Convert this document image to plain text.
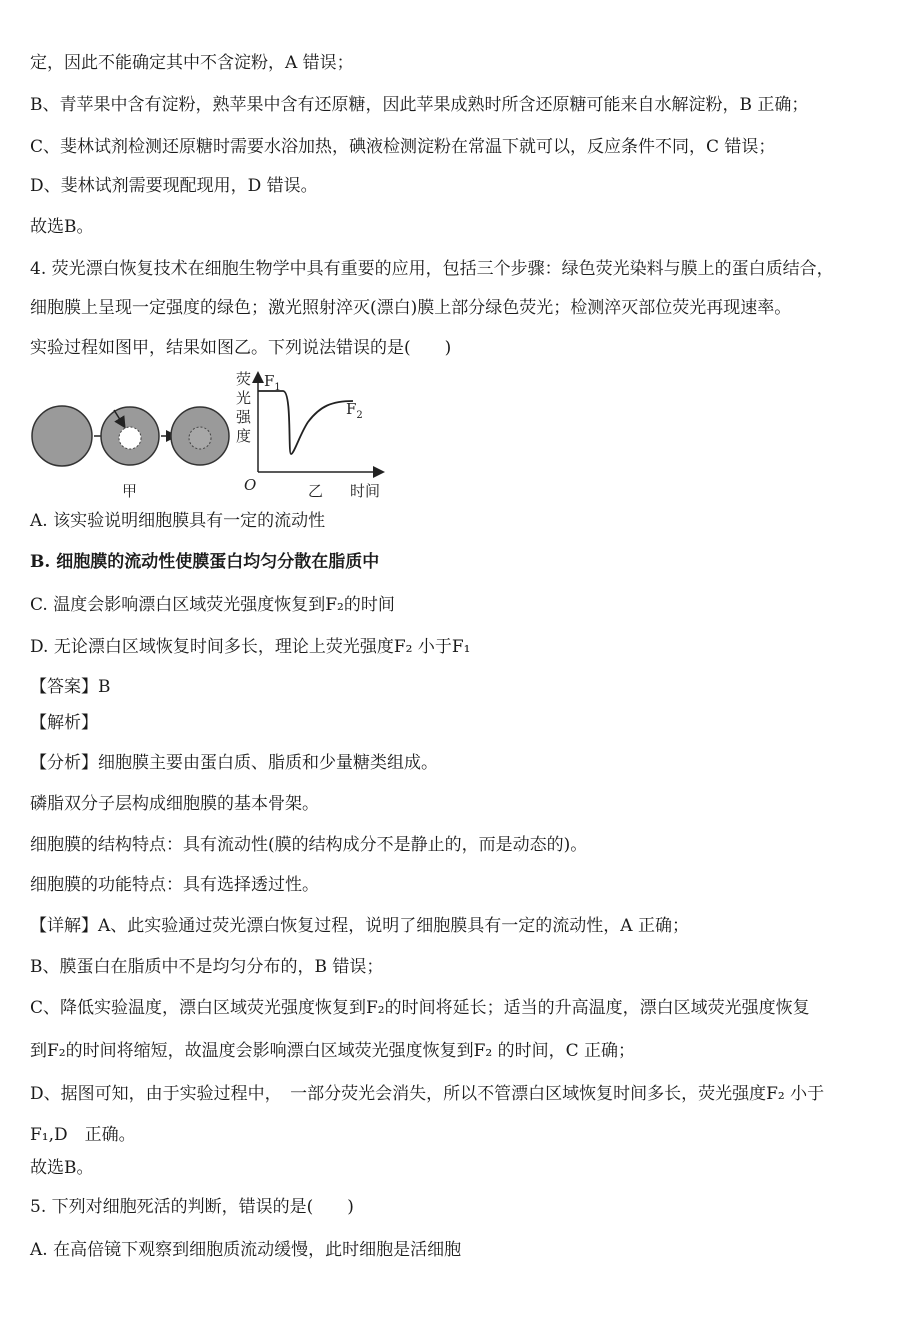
定，因此不能确定其中不含淀粉，A 错误；
B、青苹果中含有淀粉，熟苹果中含有还原糖，因此苹果成熟时所含还原糖可能来自水解淀粉，B 正确；
C、斐林试剂检测还原糖时需要水浴加热，碘液检测淀粉在常温下就可以，反应条件不同，C 错误；
D、斐林试剂需要现配现用，D 错误。
故选B。
4. 荧光漂白恢复技术在细胞生物学中具有重要的应用，包括三个步骤：绿色荧光染料与膜上的蛋白质结合，
细胞膜上呈现一定强度的绿色；激光照射淬灭(漂白)膜上部分绿色荧光；检测淬灭部位荧光再现速率。
实验过程如图甲，结果如图乙。下列说法错误的是(　　)
A. 该实验说明细胞膜具有一定的流动性
B. 细胞膜的流动性使膜蛋白均匀分散在脂质中
C. 温度会影响漂白区域荧光强度恢复到F₂的时间
D. 无论漂白区域恢复时间多长，理论上荧光强度F₂ 小于F₁
【答案】B
【解析】
【分析】细胞膜主要由蛋白质、脂质和少量糖类组成。
磷脂双分子层构成细胞膜的基本骨架。
细胞膜的结构特点：具有流动性(膜的结构成分不是静止的，而是动态的)。
细胞膜的功能特点：具有选择透过性。
【详解】A、此实验通过荧光漂白恢复过程，说明了细胞膜具有一定的流动性，A 正确；
B、膜蛋白在脂质中不是均匀分布的，B 错误；
C、降低实验温度，漂白区域荧光强度恢复到F₂的时间将延长；适当的升高温度，漂白区域荧光强度恢复
到F₂的时间将缩短，故温度会影响漂白区域荧光强度恢复到F₂ 的时间，C 正确；
D、据图可知，由于实验过程中，　一部分荧光会消失，所以不管漂白区域恢复时间多长，荧光强度F₂ 小于
F₁,D　正确。
故选B。
5. 下列对细胞死活的判断，错误的是(　　)
A. 在高倍镜下观察到细胞质流动缓慢，此时细胞是活细胞
甲
荧
光
强
度
$F_1$
$F_2$
O	乙 时间
